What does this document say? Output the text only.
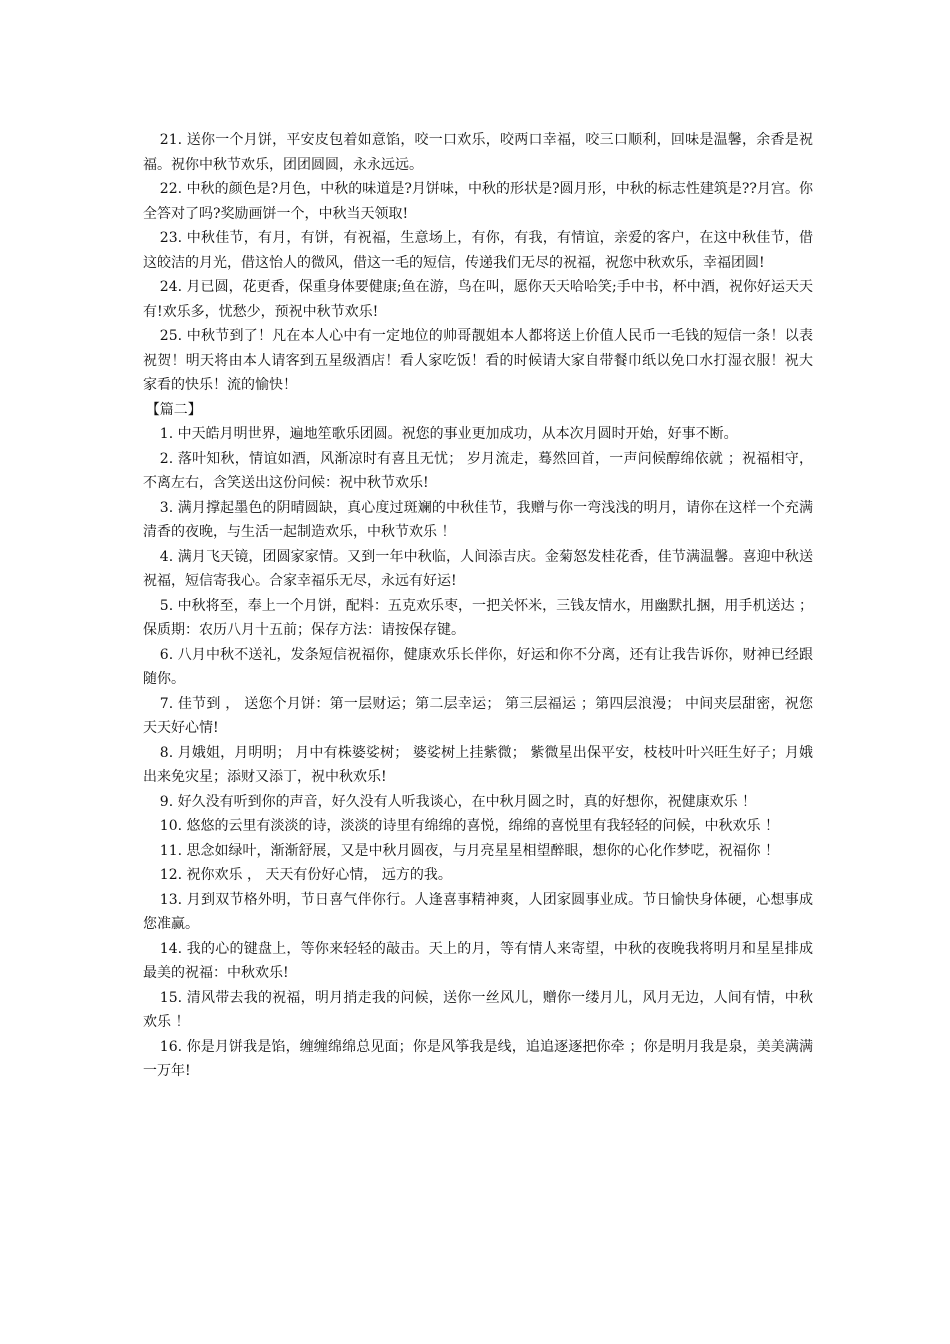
21. 送你一个月饼，平安皮包着如意馅，咬一口欢乐，咬两口幸福，咬三口顺利，回味是温馨，余香是祝福。祝你中秋节欢乐，团团圆圆，永永远远。

22. 中秋的颜色是?月色，中秋的味道是?月饼味，中秋的形状是?圆月形，中秋的标志性建筑是??月宫。你全答对了吗?奖励画饼一个，中秋当天领取!

23. 中秋佳节，有月，有饼，有祝福，生意场上，有你，有我，有情谊，亲爱的客户，在这中秋佳节，借这皎洁的月光，借这怡人的微风，借这一毛的短信，传递我们无尽的祝福，祝您中秋欢乐，幸福团圆!

24. 月已圆，花更香，保重身体要健康;鱼在游，鸟在叫，愿你天天哈哈笑;手中书，杯中酒，祝你好运天天有!欢乐多，忧愁少，预祝中秋节欢乐!

25. 中秋节到了！凡在本人心中有一定地位的帅哥靓姐本人都将送上价值人民币一毛钱的短信一条！以表祝贺！明天将由本人请客到五星级酒店！看人家吃饭！看的时候请大家自带餐巾纸以免口水打湿衣服！祝大家看的快乐！流的愉快！

【篇二】

1. 中天皓月明世界，遍地笙歌乐团圆。祝您的事业更加成功，从本次月圆时开始，好事不断。

2. 落叶知秋，情谊如酒，风渐凉时有喜且无忧； 岁月流走，蓦然回首，一声问候醇绵依就 ；祝福相守，不离左右，含笑送出这份问候：祝中秋节欢乐!

3. 满月撑起墨色的阴晴圆缺，真心度过斑斓的中秋佳节，我赠与你一弯浅浅的明月，请你在这样一个充满清香的夜晚，与生活一起制造欢乐，中秋节欢乐 ！

4. 满月飞天镜，团圆家家情。又到一年中秋临，人间添吉庆。金菊怒发桂花香，佳节满温馨。喜迎中秋送祝福，短信寄我心。合家幸福乐无尽，永远有好运!

5. 中秋将至，奉上一个月饼，配料：五克欢乐枣，一把关怀米，三钱友情水，用幽默扎捆，用手机送达 ；保质期：农历八月十五前；保存方法：请按保存键。

6. 八月中秋不送礼，发条短信祝福你，健康欢乐长伴你，好运和你不分离，还有让我告诉你，财神已经跟随你。

7. 佳节到 ， 送您个月饼：第一层财运；第二层幸运； 第三层福运 ；第四层浪漫； 中间夹层甜密，祝您天天好心情!

8. 月娥姐，月明明； 月中有株婆娑树； 婆娑树上挂紫微； 紫微星出保平安，枝枝叶叶兴旺生好子；月娥出来免灾星；添财又添丁，祝中秋欢乐!

9. 好久没有听到你的声音，好久没有人听我谈心，在中秋月圆之时，真的好想你，祝健康欢乐 ！

10. 悠悠的云里有淡淡的诗，淡淡的诗里有绵绵的喜悦，绵绵的喜悦里有我轻轻的问候，中秋欢乐 ！

11. 思念如绿叶，渐渐舒展，又是中秋月圆夜，与月亮星星相望醉眼，想你的心化作梦呓，祝福你 ！

12. 祝你欢乐 ， 天天有份好心情， 远方的我。

13. 月到双节格外明，节日喜气伴你行。人逢喜事精神爽，人团家圆事业成。节日愉快身体硬，心想事成您准赢。

14. 我的心的键盘上，等你来轻轻的敲击。天上的月，等有情人来寄望，中秋的夜晚我将明月和星星排成最美的祝福：中秋欢乐!

15. 清风带去我的祝福，明月捎走我的问候，送你一丝风儿，赠你一缕月儿，风月无边，人间有情，中秋欢乐 ！

16. 你是月饼我是馅，缠缠绵绵总见面；你是风筝我是线，追追逐逐把你牵 ；你是明月我是泉，美美满满一万年!
